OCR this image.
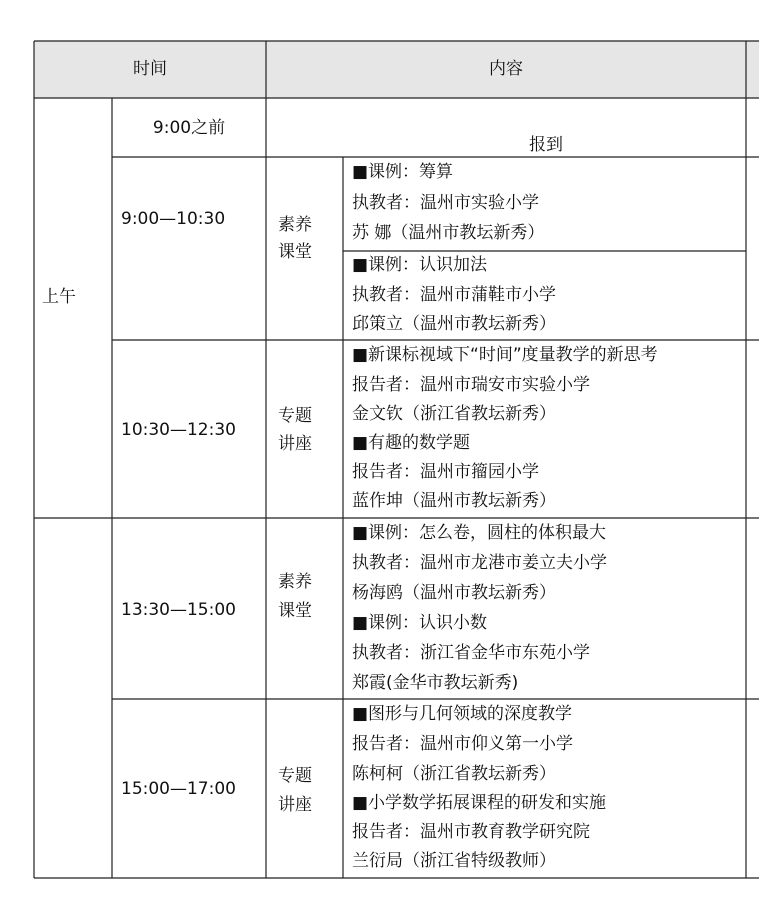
时间	内容
上午
9:00之前
报到
9:00—10:30	素养
课堂
■课例：筹算
执教者：温州市实验小学
苏 娜（温州市教坛新秀）
■课例：认识加法
执教者：温州市蒲鞋市小学
邱策立（温州市教坛新秀）
10:30—12:30
专题
讲座
■新课标视域下“时间”度量教学的新思考
报告者：温州市瑞安市实验小学
金文钦（浙江省教坛新秀）
■有趣的数学题
报告者：温州市籀园小学
蓝作坤（温州市教坛新秀）
13:30—15:00
素养
课堂
■课例：怎么卷，圆柱的体积最大
执教者：温州市龙港市姜立夫小学
杨海鸥（温州市教坛新秀）
■课例：认识小数
执教者：浙江省金华市东苑小学
郑霞(金华市教坛新秀)
15:00—17:00
专题
讲座
■图形与几何领域的深度教学
报告者：温州市仰义第一小学
陈柯柯（浙江省教坛新秀）
■小学数学拓展课程的研发和实施
报告者：温州市教育教学研究院
兰衍局（浙江省特级教师）
